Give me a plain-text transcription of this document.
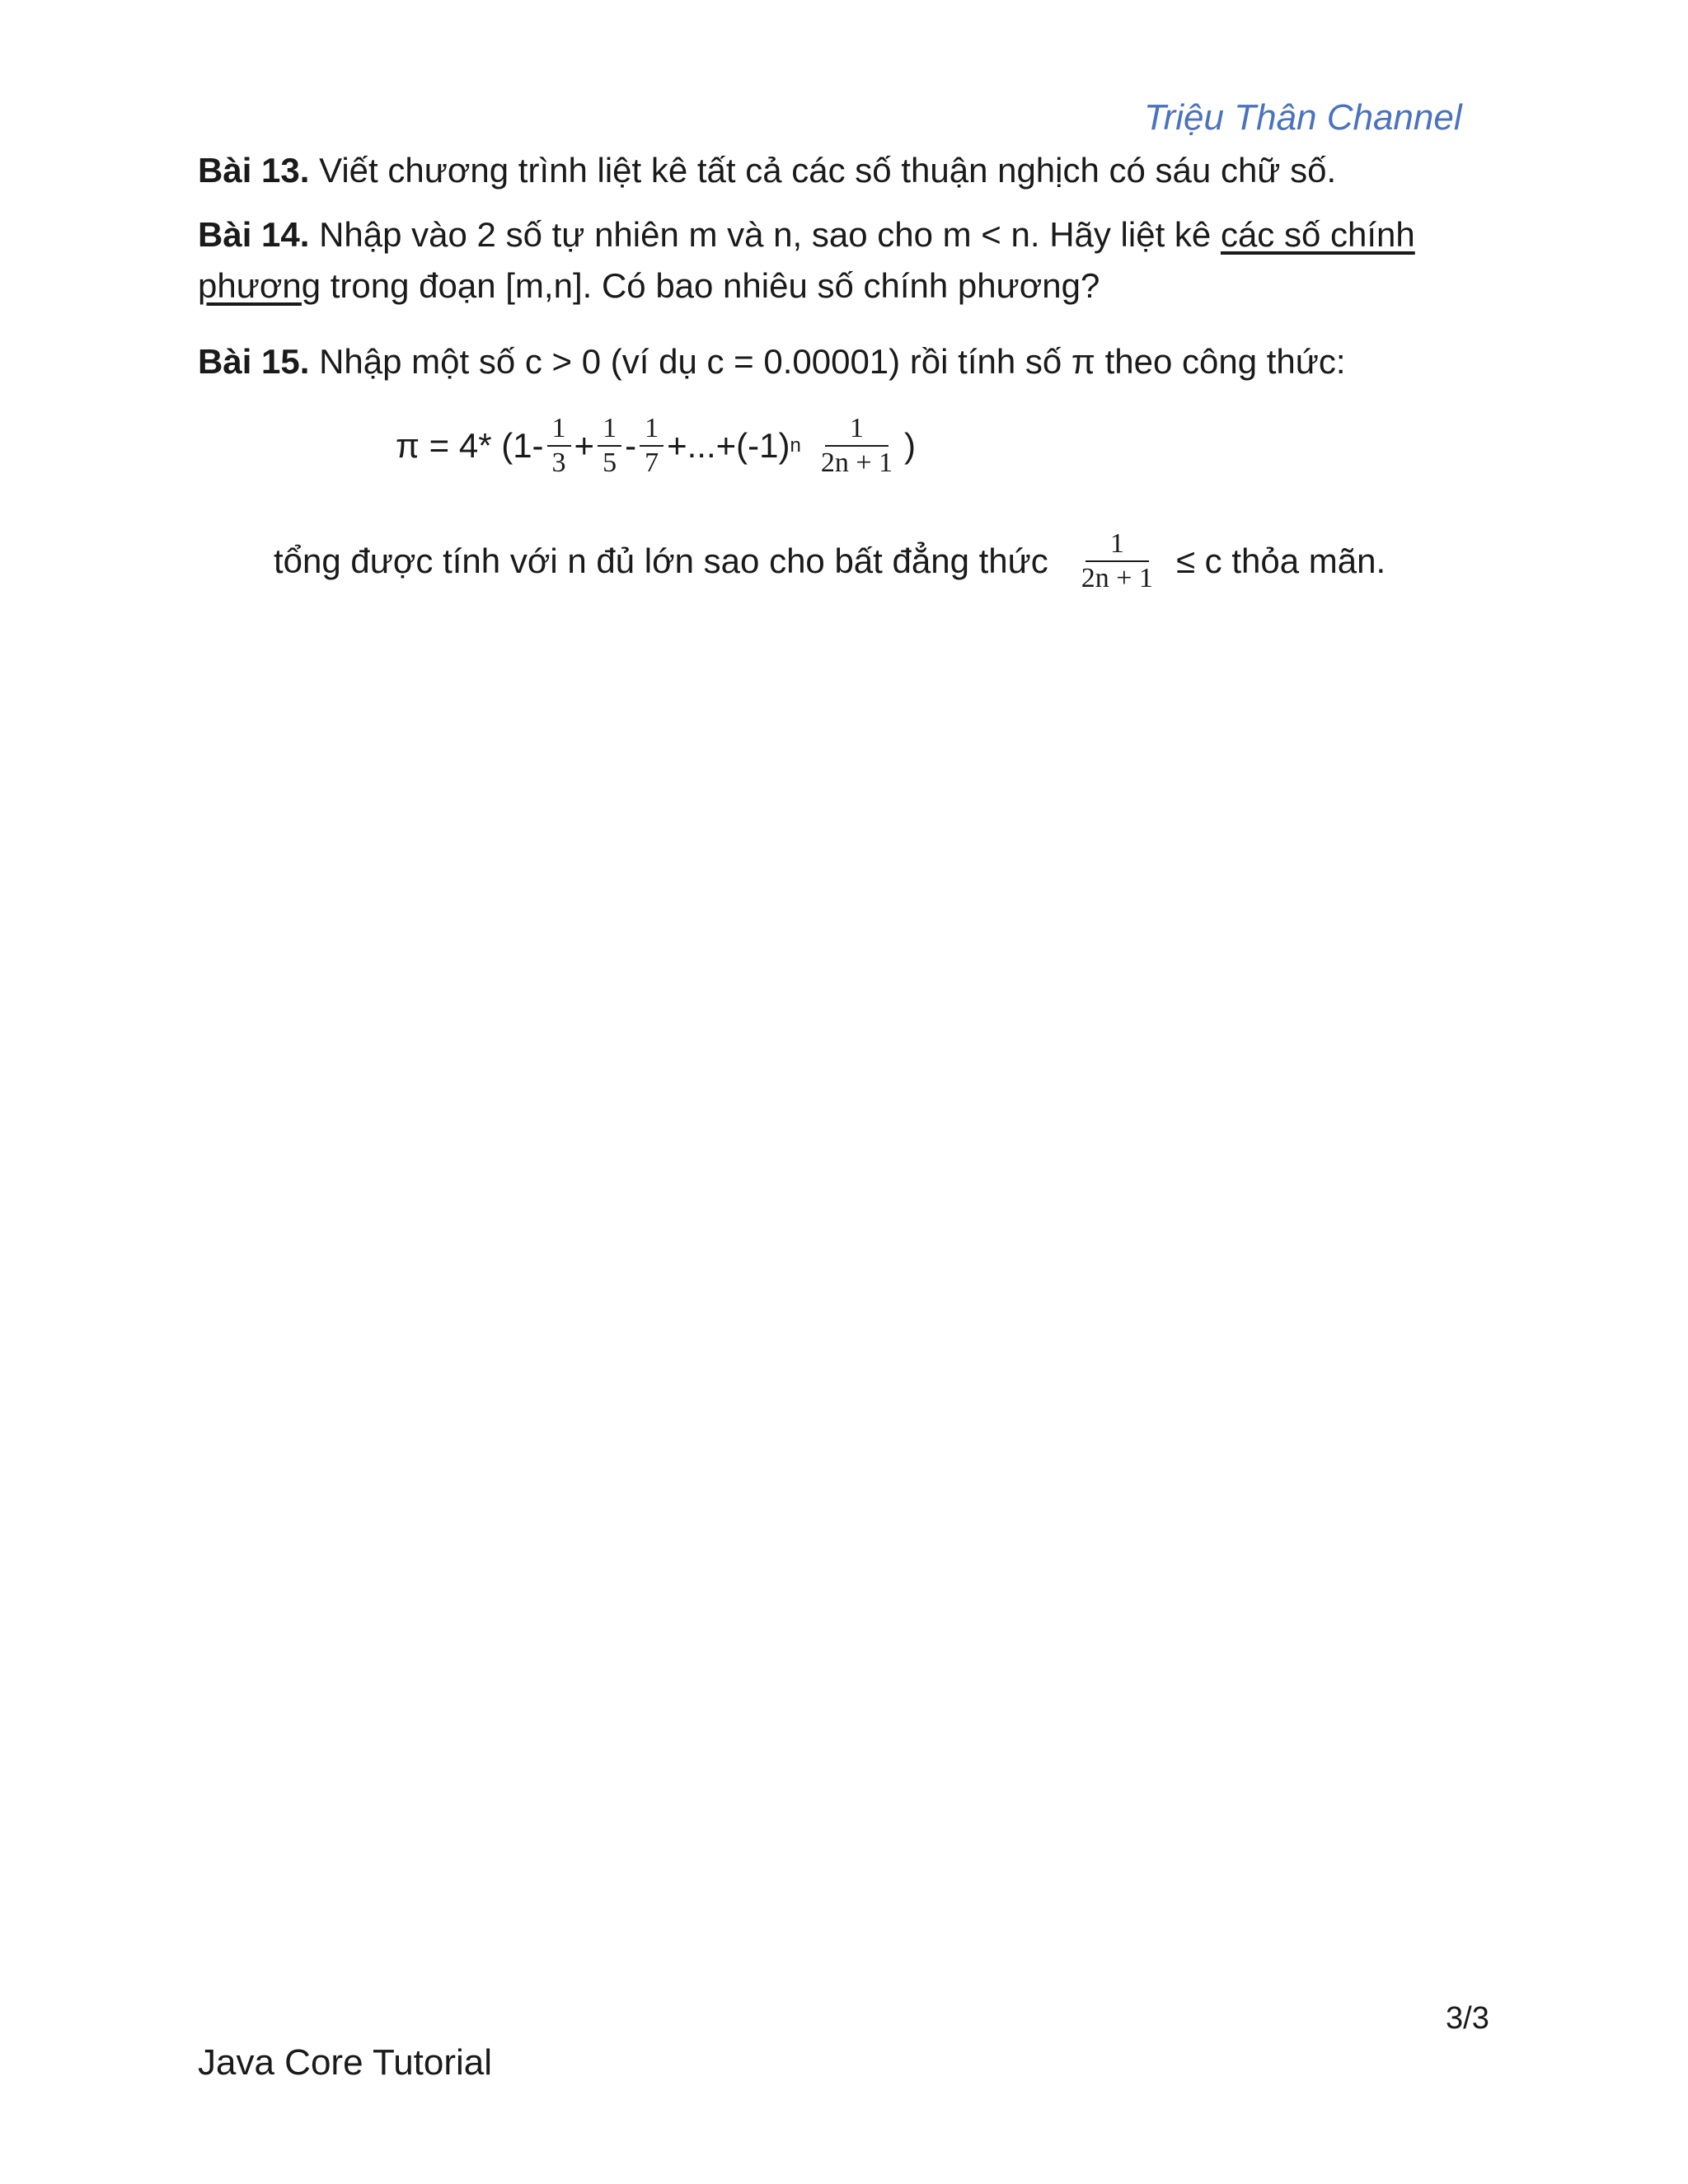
Triệu Thân Channel
Bài 13. Viết chương trình liệt kê tất cả các số thuận nghịch có sáu chữ số.
Bài 14. Nhập vào 2 số tự nhiên m và n, sao cho m < n. Hãy liệt kê các số chính phương trong đoạn [m,n]. Có bao nhiêu số chính phương?
Bài 15. Nhập một số c > 0 (ví dụ c = 0.00001) rồi tính số π theo công thức:
π = 4* ($1- \frac{1}{3} + \frac{1}{5} - \frac{1}{7} +...+(-1)$ n $\frac{1}{2n + 1}$ )
tổng được tính với n đủ lớn sao cho bất đẳng thức $\frac{1}{2n + 1} \le c$ thỏa mãn.
3/3
Java Core Tutorial
